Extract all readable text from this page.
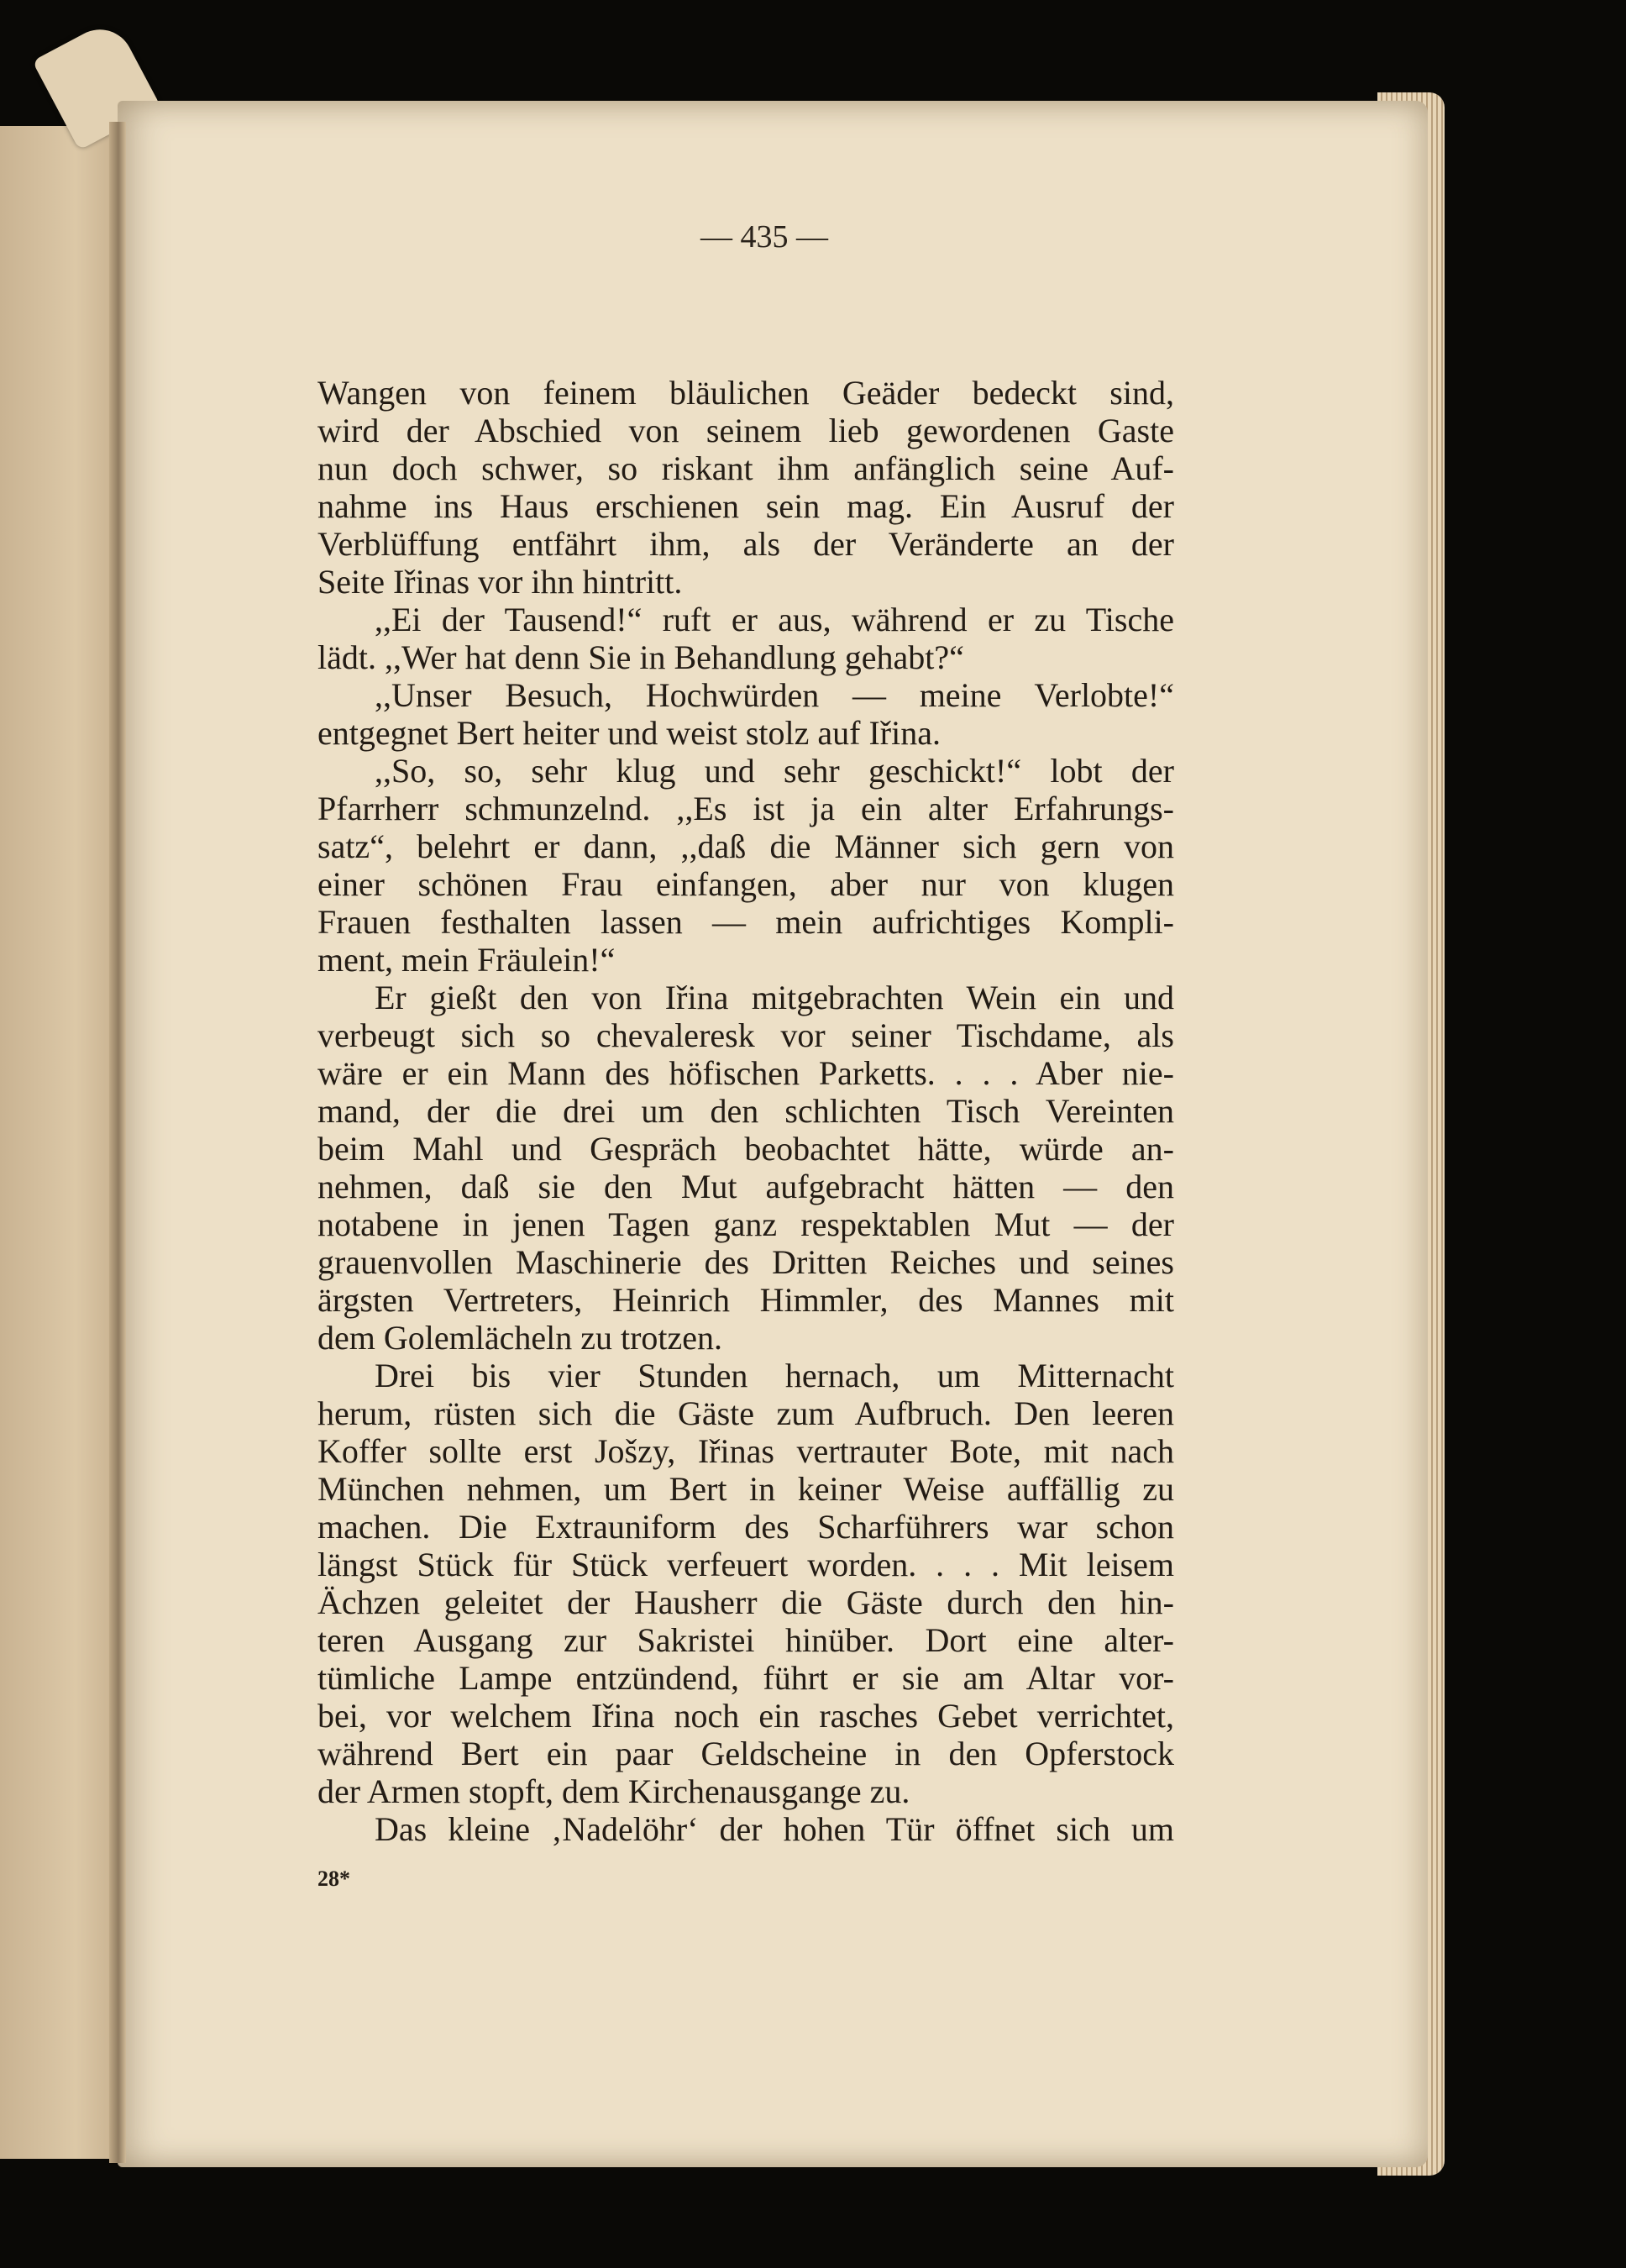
— 435 —
Wangen von feinem bläulichen Geäder bedeckt sind,
wird der Abschied von seinem lieb gewordenen Gaste
nun doch schwer, so riskant ihm anfänglich seine Auf-
nahme ins Haus erschienen sein mag. Ein Ausruf der
Verblüffung entfährt ihm, als der Veränderte an der
Seite Iřinas vor ihn hintritt.
,,Ei der Tausend!“ ruft er aus, während er zu Tische
lädt. ,,Wer hat denn Sie in Behandlung gehabt?“
,,Unser Besuch, Hochwürden — meine Verlobte!“
entgegnet Bert heiter und weist stolz auf Iřina.
,,So, so, sehr klug und sehr geschickt!“ lobt der
Pfarrherr schmunzelnd. ,,Es ist ja ein alter Erfahrungs-
satz“, belehrt er dann, ,,daß die Männer sich gern von
einer schönen Frau einfangen, aber nur von klugen
Frauen festhalten lassen — mein aufrichtiges Kompli-
ment, mein Fräulein!“
Er gießt den von Iřina mitgebrachten Wein ein und
verbeugt sich so chevaleresk vor seiner Tischdame, als
wäre er ein Mann des höfischen Parketts. . . . Aber nie-
mand, der die drei um den schlichten Tisch Vereinten
beim Mahl und Gespräch beobachtet hätte, würde an-
nehmen, daß sie den Mut aufgebracht hätten — den
notabene in jenen Tagen ganz respektablen Mut — der
grauenvollen Maschinerie des Dritten Reiches und seines
ärgsten Vertreters, Heinrich Himmler, des Mannes mit
dem Golemlächeln zu trotzen.
Drei bis vier Stunden hernach, um Mitternacht
herum, rüsten sich die Gäste zum Aufbruch. Den leeren
Koffer sollte erst Jošzy, Iřinas vertrauter Bote, mit nach
München nehmen, um Bert in keiner Weise auffällig zu
machen. Die Extrauniform des Scharführers war schon
längst Stück für Stück verfeuert worden. . . . Mit leisem
Ächzen geleitet der Hausherr die Gäste durch den hin-
teren Ausgang zur Sakristei hinüber. Dort eine alter-
tümliche Lampe entzündend, führt er sie am Altar vor-
bei, vor welchem Iřina noch ein rasches Gebet verrichtet,
während Bert ein paar Geldscheine in den Opferstock
der Armen stopft, dem Kirchenausgange zu.
Das kleine ‚Nadelöhr‘ der hohen Tür öffnet sich um
28*
